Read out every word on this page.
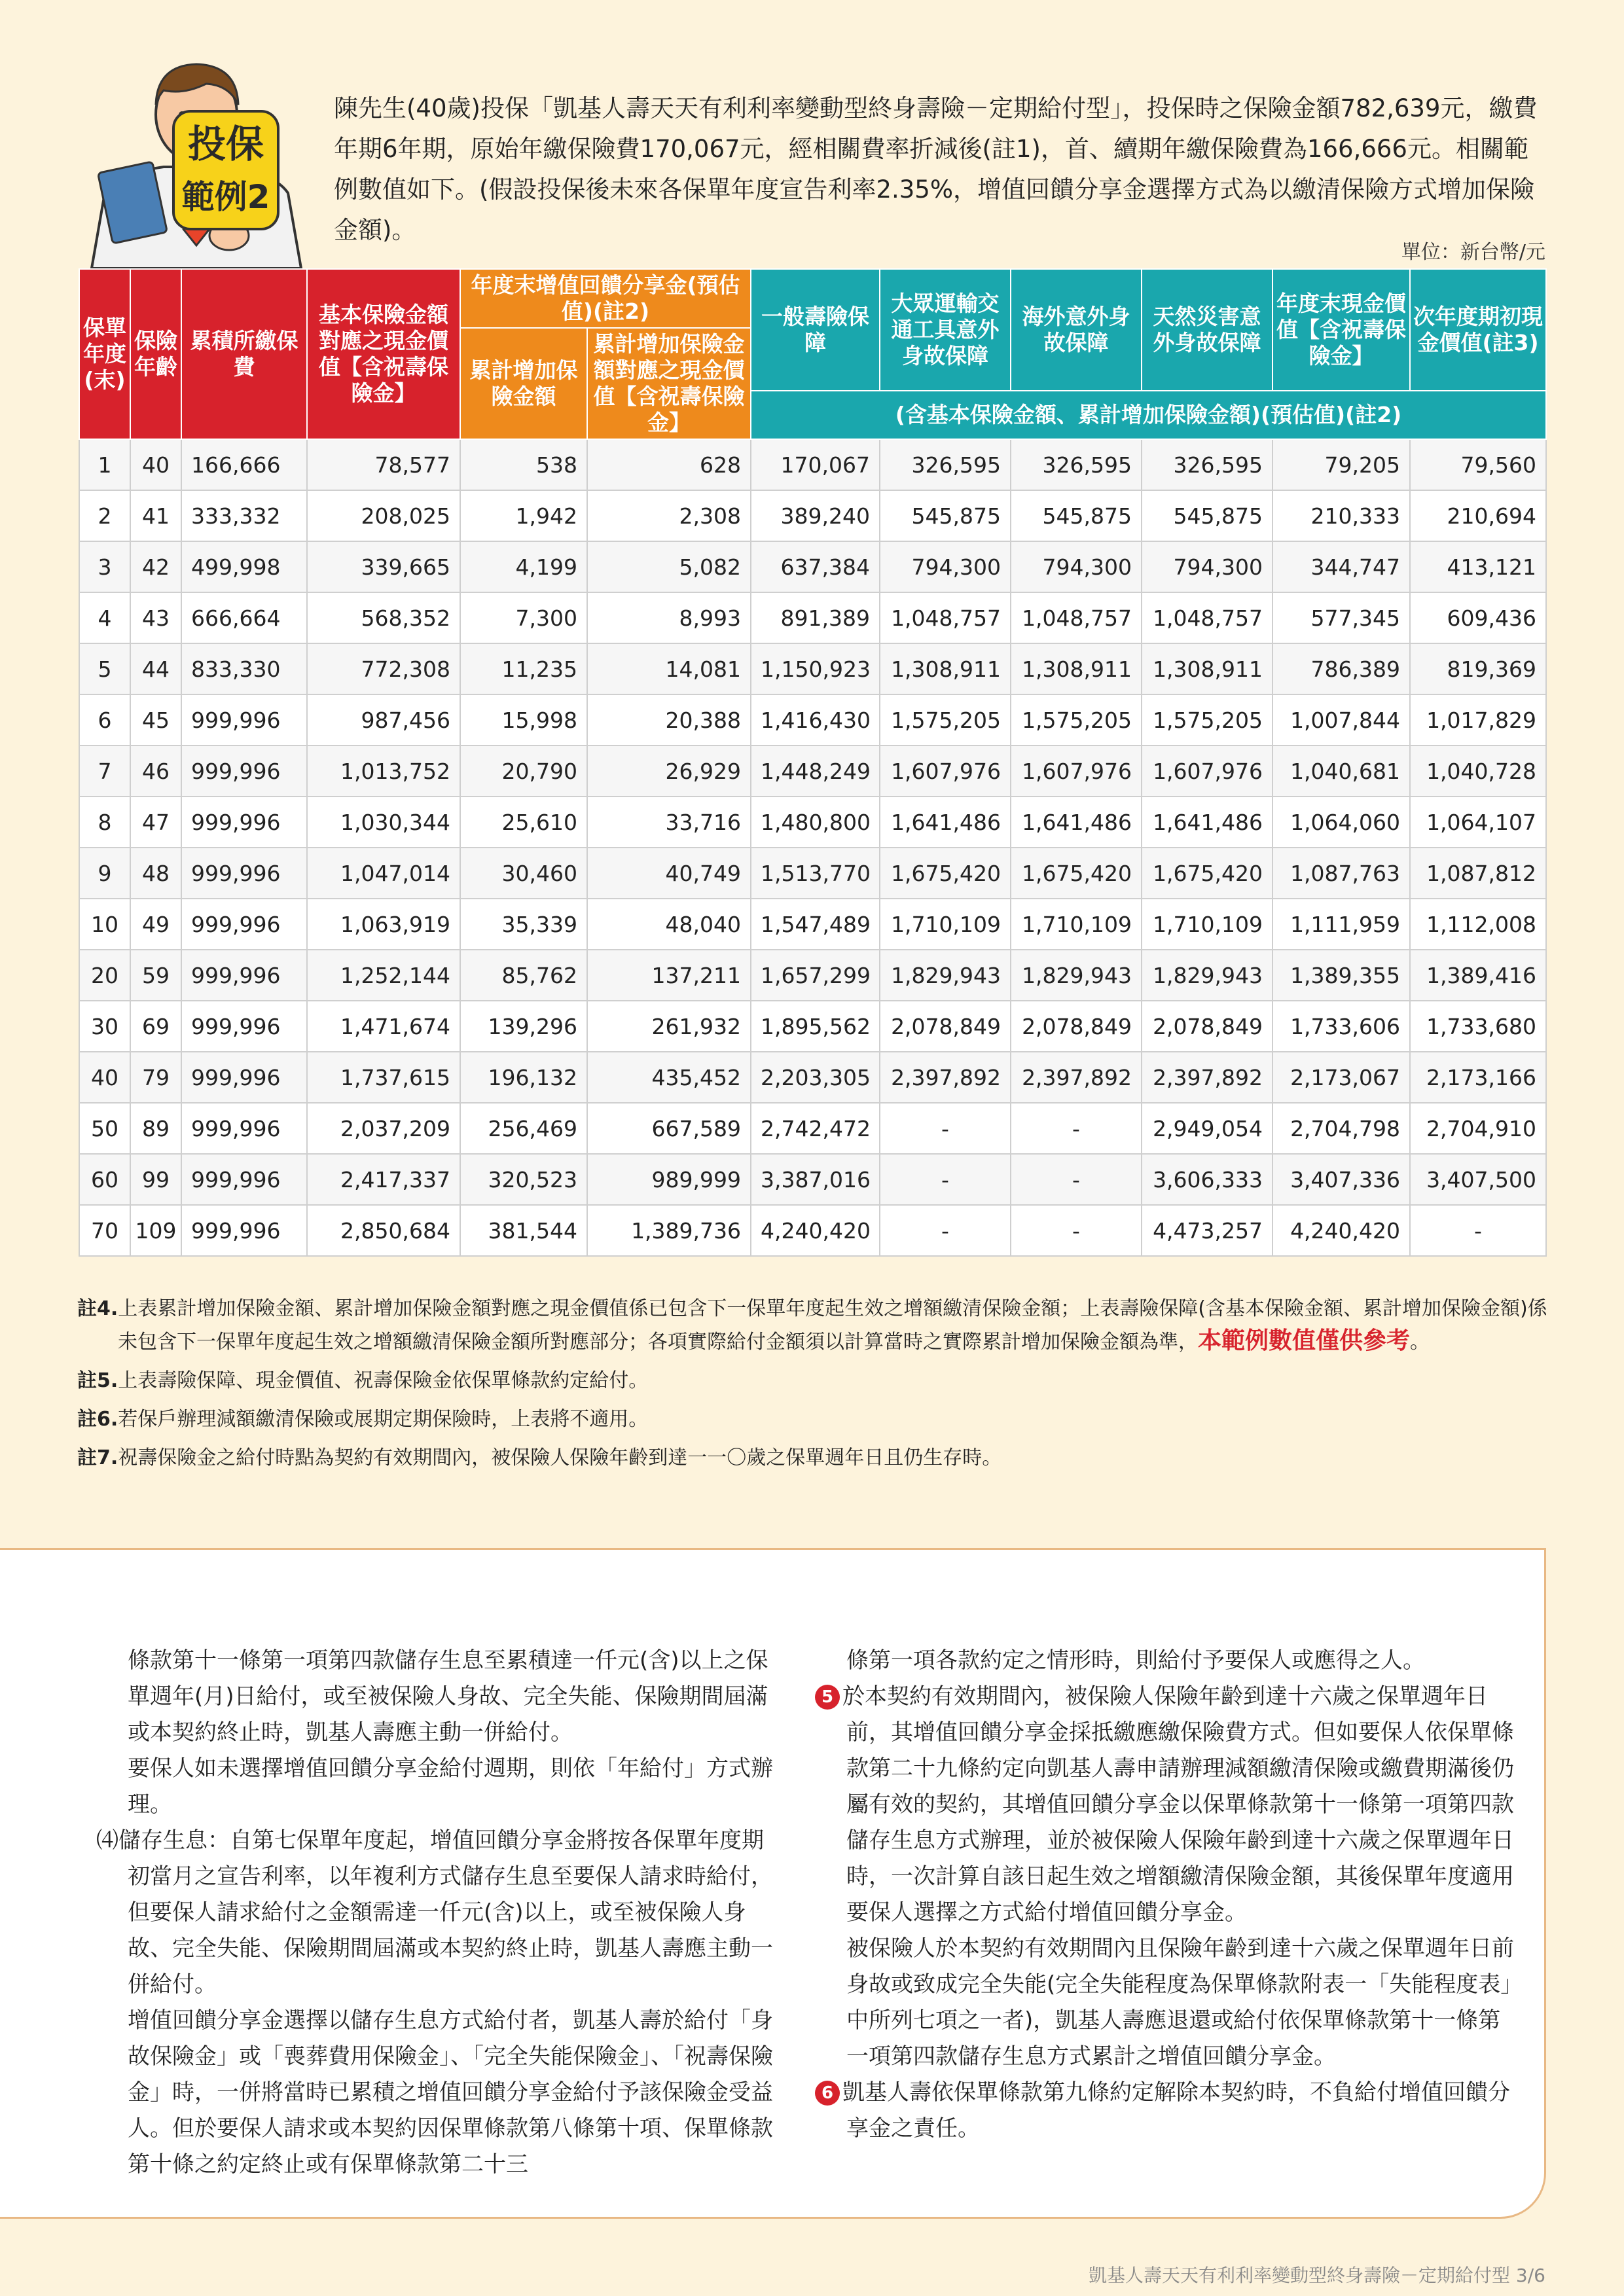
投保
範例2
陳先生(40歲)投保「凱基人壽天天有利利率變動型終身壽險－定期給付型」，投保時之保險金額782,639元，繳費年期6年期，原始年繳保險費170,067元，經相關費率折減後(註1)，首、續期年繳保險費為166,666元。相關範例數值如下。(假設投保後未來各保單年度宣告利率2.35%，增值回饋分享金選擇方式為以繳清保險方式增加保險金額)。
單位：新台幣/元
保單年度(末)	保險年齡	累積所繳保費	基本保險金額對應之現金價值【含祝壽保險金】	年度末增值回饋分享金(預估值)(註2)		一般壽險保障	大眾運輸交通工具意外身故保障	海外意外身故保障	天然災害意外身故保障	年度末現金價值【含祝壽保險金】	次年度期初現金價值(註3)
				累計增加保險金額	累計增加保險金額對應之現金價值【含祝壽保險金】						
						(含基本保險金額、累計增加保險金額)(預估值)(註2)					
1	40	166,666	78,577	538	628	170,067	326,595	326,595	326,595	79,205	79,560
2	41	333,332	208,025	1,942	2,308	389,240	545,875	545,875	545,875	210,333	210,694
3	42	499,998	339,665	4,199	5,082	637,384	794,300	794,300	794,300	344,747	413,121
4	43	666,664	568,352	7,300	8,993	891,389	1,048,757	1,048,757	1,048,757	577,345	609,436
5	44	833,330	772,308	11,235	14,081	1,150,923	1,308,911	1,308,911	1,308,911	786,389	819,369
6	45	999,996	987,456	15,998	20,388	1,416,430	1,575,205	1,575,205	1,575,205	1,007,844	1,017,829
7	46	999,996	1,013,752	20,790	26,929	1,448,249	1,607,976	1,607,976	1,607,976	1,040,681	1,040,728
8	47	999,996	1,030,344	25,610	33,716	1,480,800	1,641,486	1,641,486	1,641,486	1,064,060	1,064,107
9	48	999,996	1,047,014	30,460	40,749	1,513,770	1,675,420	1,675,420	1,675,420	1,087,763	1,087,812
10	49	999,996	1,063,919	35,339	48,040	1,547,489	1,710,109	1,710,109	1,710,109	1,111,959	1,112,008
20	59	999,996	1,252,144	85,762	137,211	1,657,299	1,829,943	1,829,943	1,829,943	1,389,355	1,389,416
30	69	999,996	1,471,674	139,296	261,932	1,895,562	2,078,849	2,078,849	2,078,849	1,733,606	1,733,680
40	79	999,996	1,737,615	196,132	435,452	2,203,305	2,397,892	2,397,892	2,397,892	2,173,067	2,173,166
50	89	999,996	2,037,209	256,469	667,589	2,742,472	-	-	2,949,054	2,704,798	2,704,910
60	99	999,996	2,417,337	320,523	989,999	3,387,016	-	-	3,606,333	3,407,336	3,407,500
70	109	999,996	2,850,684	381,544	1,389,736	4,240,420	-	-	4,473,257	4,240,420	-

註4.上表累計增加保險金額、累計增加保險金額對應之現金價值係已包含下一保單年度起生效之增額繳清保險金額；上表壽險保障(含基本保險金額、累計增加保險金額)係未包含下一保單年度起生效之增額繳清保險金額所對應部分；各項實際給付金額須以計算當時之實際累計增加保險金額為準，本範例數值僅供參考。

註5.上表壽險保障、現金價值、祝壽保險金依保單條款約定給付。

註6.若保戶辦理減額繳清保險或展期定期保險時，上表將不適用。

註7.祝壽保險金之給付時點為契約有效期間內，被保險人保險年齡到達一一〇歲之保單週年日且仍生存時。

條款第十一條第一項第四款儲存生息至累積達一仟元(含)以上之保單週年(月)日給付，或至被保險人身故、完全失能、保險期間屆滿或本契約終止時，凱基人壽應主動一併給付。

要保人如未選擇增值回饋分享金給付週期，則依「年給付」方式辦理。

⑷儲存生息：自第七保單年度起，增值回饋分享金將按各保單年度期初當月之宣告利率，以年複利方式儲存生息至要保人請求時給付，但要保人請求給付之金額需達一仟元(含)以上，或至被保險人身故、完全失能、保險期間屆滿或本契約終止時，凱基人壽應主動一併給付。

增值回饋分享金選擇以儲存生息方式給付者，凱基人壽於給付「身故保險金」或「喪葬費用保險金」、「完全失能保險金」、「祝壽保險金」時，一併將當時已累積之增值回饋分享金給付予該保險金受益人。但於要保人請求或本契約因保單條款第八條第十項、保單條款第十條之約定終止或有保單條款第二十三

條第一項各款約定之情形時，則給付予要保人或應得之人。

5 於本契約有效期間內，被保險人保險年齡到達十六歲之保單週年日前，其增值回饋分享金採抵繳應繳保險費方式。但如要保人依保單條款第二十九條約定向凱基人壽申請辦理減額繳清保險或繳費期滿後仍屬有效的契約，其增值回饋分享金以保單條款第十一條第一項第四款儲存生息方式辦理，並於被保險人保險年齡到達十六歲之保單週年日時，一次計算自該日起生效之增額繳清保險金額，其後保單年度適用要保人選擇之方式給付增值回饋分享金。

被保險人於本契約有效期間內且保險年齡到達十六歲之保單週年日前身故或致成完全失能(完全失能程度為保單條款附表一「失能程度表」中所列七項之一者)，凱基人壽應退還或給付依保單條款第十一條第一項第四款儲存生息方式累計之增值回饋分享金。

6 凱基人壽依保單條款第九條約定解除本契約時，不負給付增值回饋分享金之責任。

凱基人壽天天有利利率變動型終身壽險－定期給付型 3/6
